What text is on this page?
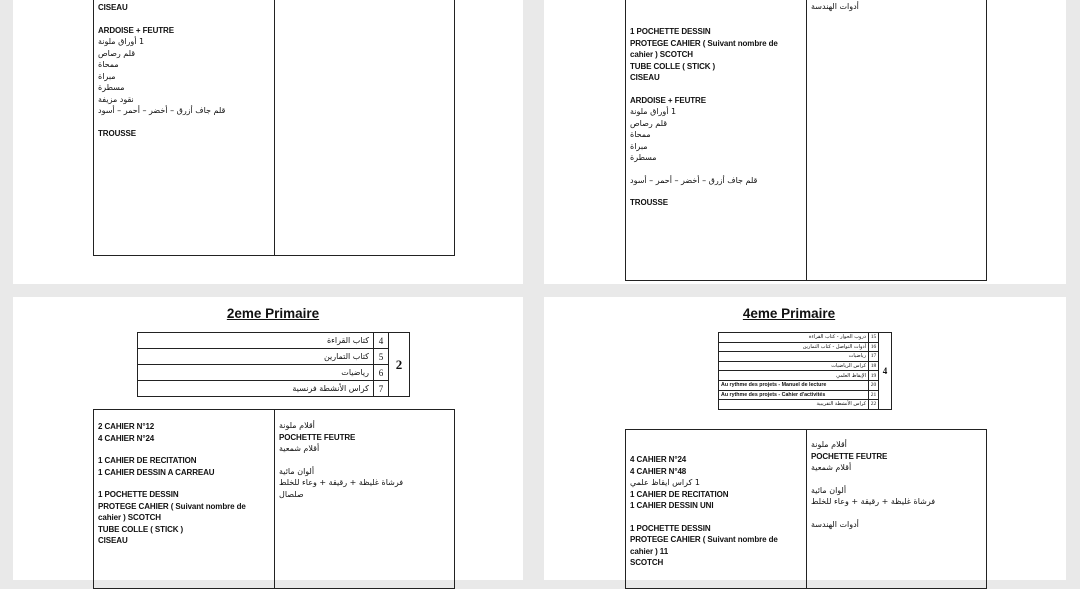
CISEAU
ARDOISE + FEUTRE
1 أوراق ملونة
قلم رصاص
ممحاة
مبراة
مسطرة
نقود مزيفة
قلم جاف أزرق – أخضر – أحمر – أسود
TROUSSE
أدوات الهندسة
1 POCHETTE DESSIN
PROTEGE CAHIER ( Suivant nombre de
cahier ) SCOTCH
TUBE COLLE ( STICK )
CISEAU
ARDOISE + FEUTRE
1 أوراق ملونة
قلم رصاص
ممحاة
مبراة
مسطرة
قلم جاف أزرق – أخضر – أحمر – أسود
TROUSSE
2eme Primaire
كتاب القراءة	4	2
كتاب التمارين	5	
رياضيات	6	
كراس الأنشطة فرنسية	7	
2 CAHIER N°12
4 CAHIER N°24
1 CAHIER DE RECITATION
1 CAHIER DESSIN A CARREAU
1 POCHETTE DESSIN
PROTEGE CAHIER ( Suivant nombre de
cahier ) SCOTCH
TUBE COLLE ( STICK )
CISEAU
أقلام ملونة
POCHETTE FEUTRE
أقلام شمعية
ألوان مائية
فرشاة غليظة + رقيقة + وعاء للخلط
صلصال
4eme Primaire
دروب الحوار - كتاب القراءة	15	4
أدوات التواصل - كتاب التمارين	16	
رياضيات	17	
كراس الرياضيات	18	
الإيقاظ العلمي	19	
Au rythme des projets - Manuel de lecture	20	
Au rythme des projets - Cahier d'activités	21	
كراس الأنشطة التقريبية	22	
4 CAHIER N°24
4 CAHIER N°48
1 كراس ايقاظ علمي
1 CAHIER DE RECITATION
1 CAHIER DESSIN UNI
1 POCHETTE DESSIN
PROTEGE CAHIER ( Suivant nombre de
cahier ) 11
SCOTCH
أقلام ملونة
POCHETTE FEUTRE
أقلام شمعية
ألوان مائية
فرشاة غليظة + رقيقة + وعاء للخلط
أدوات الهندسة
